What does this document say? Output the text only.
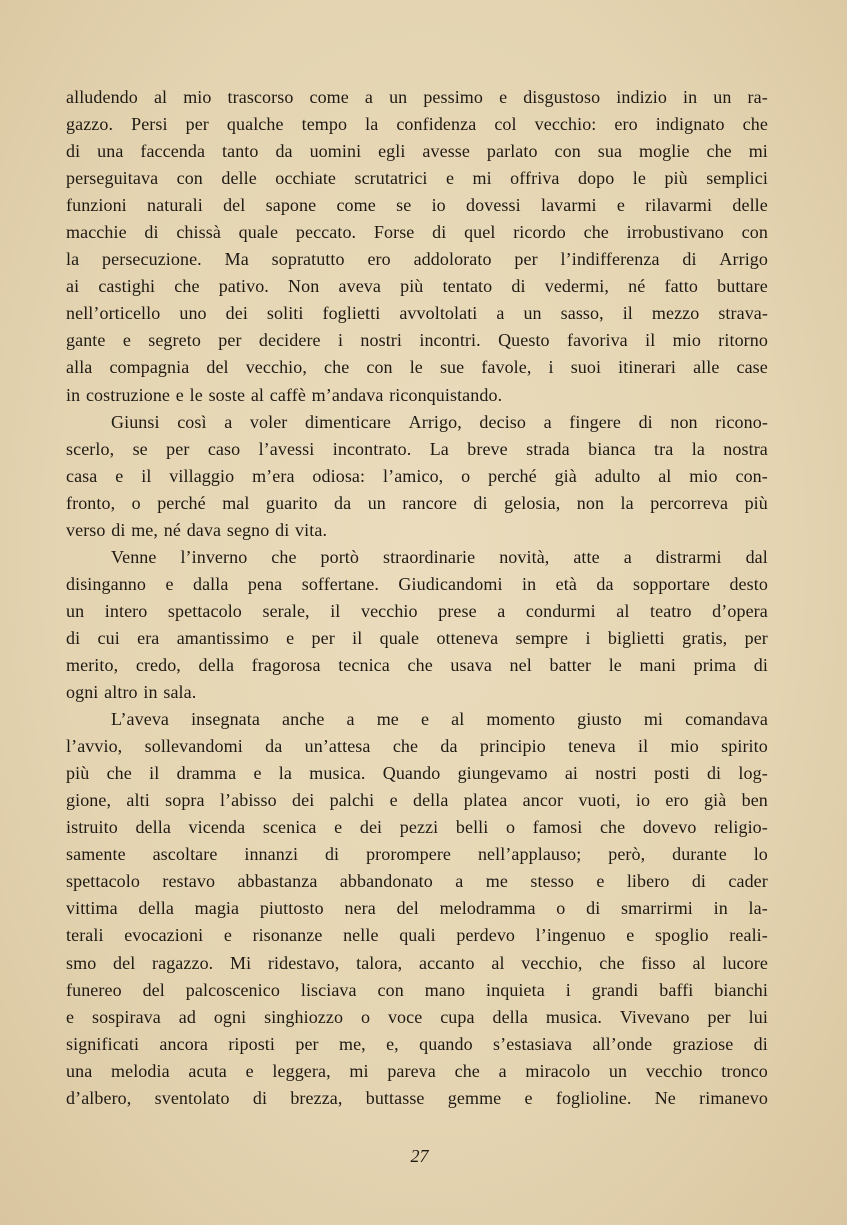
alludendo al mio trascorso come a un pessimo e disgustoso indizio in un ra-
gazzo. Persi per qualche tempo la confidenza col vecchio: ero indignato che
di una faccenda tanto da uomini egli avesse parlato con sua moglie che mi
perseguitava con delle occhiate scrutatrici e mi offriva dopo le più semplici
funzioni naturali del sapone come se io dovessi lavarmi e rilavarmi delle
macchie di chissà quale peccato. Forse di quel ricordo che irrobustivano con
la persecuzione. Ma sopratutto ero addolorato per l’indifferenza di Arrigo
ai castighi che pativo. Non aveva più tentato di vedermi, né fatto buttare
nell’orticello uno dei soliti foglietti avvoltolati a un sasso, il mezzo strava-
gante e segreto per decidere i nostri incontri. Questo favoriva il mio ritorno
alla compagnia del vecchio, che con le sue favole, i suoi itinerari alle case
in costruzione e le soste al caffè m’andava riconquistando.
Giunsi così a voler dimenticare Arrigo, deciso a fingere di non ricono-
scerlo, se per caso l’avessi incontrato. La breve strada bianca tra la nostra
casa e il villaggio m’era odiosa: l’amico, o perché già adulto al mio con-
fronto, o perché mal guarito da un rancore di gelosia, non la percorreva più
verso di me, né dava segno di vita.
Venne l’inverno che portò straordinarie novità, atte a distrarmi dal
disinganno e dalla pena soffertane. Giudicandomi in età da sopportare desto
un intero spettacolo serale, il vecchio prese a condurmi al teatro d’opera
di cui era amantissimo e per il quale otteneva sempre i biglietti gratis, per
merito, credo, della fragorosa tecnica che usava nel batter le mani prima di
ogni altro in sala.
L’aveva insegnata anche a me e al momento giusto mi comandava
l’avvio, sollevandomi da un’attesa che da principio teneva il mio spirito
più che il dramma e la musica. Quando giungevamo ai nostri posti di log-
gione, alti sopra l’abisso dei palchi e della platea ancor vuoti, io ero già ben
istruito della vicenda scenica e dei pezzi belli o famosi che dovevo religio-
samente ascoltare innanzi di prorompere nell’applauso; però, durante lo
spettacolo restavo abbastanza abbandonato a me stesso e libero di cader
vittima della magia piuttosto nera del melodramma o di smarrirmi in la-
terali evocazioni e risonanze nelle quali perdevo l’ingenuo e spoglio reali-
smo del ragazzo. Mi ridestavo, talora, accanto al vecchio, che fisso al lucore
funereo del palcoscenico lisciava con mano inquieta i grandi baffi bianchi
e sospirava ad ogni singhiozzo o voce cupa della musica. Vivevano per lui
significati ancora riposti per me, e, quando s’estasiava all’onde graziose di
una melodia acuta e leggera, mi pareva che a miracolo un vecchio tronco
d’albero, sventolato di brezza, buttasse gemme e foglioline. Ne rimanevo
27
